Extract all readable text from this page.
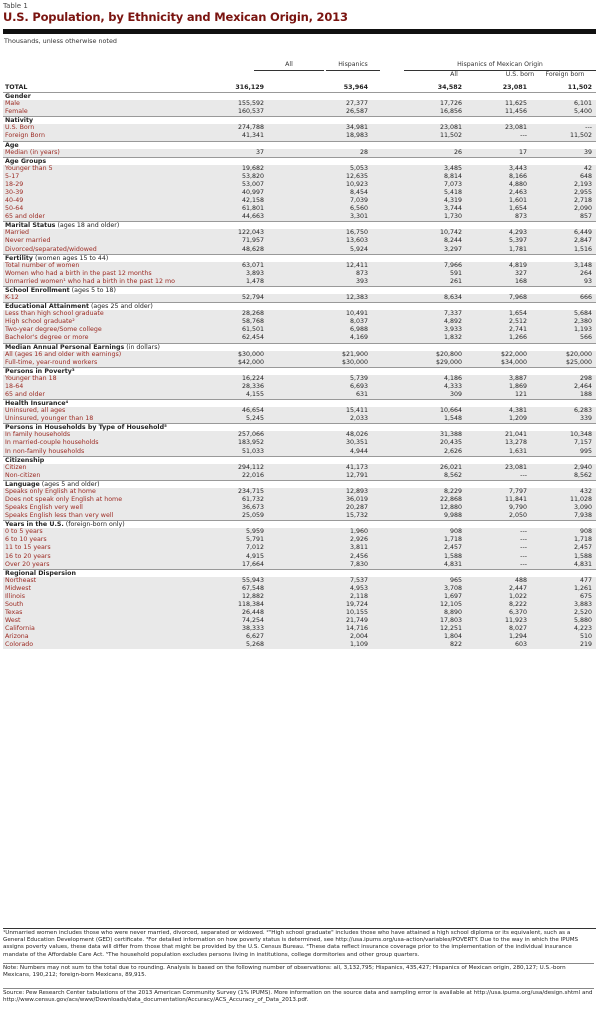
Table 1
U.S. Population, by Ethnicity and Mexican Origin, 2013
Thousands, unless otherwise noted
All	Hispanics	Hispanics of Mexican Origin
All	U.S. born	Foreign born
TOTAL	316,129	53,964	34,582	23,081	11,502
Gender
Male	155,592	27,377	17,726	11,625	6,101
Female	160,537	26,587	16,856	11,456	5,400
Nativity
U.S. Born	274,788	34,981	23,081	23,081	---
Foreign Born	41,341	18,983	11,502	---	11,502
Age
Median (in years)	37	28	26	17	39
Age Groups
Younger than 5	19,682	5,053	3,485	3,443	42
5-17	53,820	12,635	8,814	8,166	648
18-29	53,007	10,923	7,073	4,880	2,193
30-39	40,997	8,454	5,418	2,463	2,955
40-49	42,158	7,039	4,319	1,601	2,718
50-64	61,801	6,560	3,744	1,654	2,090
65 and older	44,663	3,301	1,730	873	857
Marital Status (ages 18 and older)
Married	122,043	16,750	10,742	4,293	6,449
Never married	71,957	13,603	8,244	5,397	2,847
Divorced/separated/widowed	48,628	5,924	3,297	1,781	1,516
Fertility (women ages 15 to 44)
Total number of women	63,071	12,411	7,966	4,819	3,148
Women who had a birth in the past 12 months	3,893	873	591	327	264
Unmarried women¹ who had a birth in the past 12 mo	1,478	393	261	168	93
School Enrollment (ages 5 to 18)
K-12	52,794	12,383	8,634	7,968	666
Educational Attainment (ages 25 and older)
Less than high school graduate	28,268	10,491	7,337	1,654	5,684
High school graduate²	58,768	8,037	4,892	2,512	2,380
Two-year degree/Some college	61,501	6,988	3,933	2,741	1,193
Bachelor's degree or more	62,454	4,169	1,832	1,266	566
Median Annual Personal Earnings (in dollars)
All (ages 16 and older with earnings)	$30,000	$21,900	$20,800	$22,000	$20,000
Full-time, year-round workers	$42,000	$30,000	$29,000	$34,000	$25,000
Persons in Poverty³
Younger than 18	16,224	5,739	4,186	3,887	298
18-64	28,336	6,693	4,333	1,869	2,464
65 and older	4,155	631	309	121	188
Health Insurance⁴
Uninsured, all ages	46,654	15,411	10,664	4,381	6,283
Uninsured, younger than 18	5,245	2,033	1,548	1,209	339
Persons in Households by Type of Household⁵
In family households	257,066	48,026	31,388	21,041	10,348
In married-couple households	183,952	30,351	20,435	13,278	7,157
In non-family households	51,033	4,944	2,626	1,631	995
Citizenship
Citizen	294,112	41,173	26,021	23,081	2,940
Non-citizen	22,016	12,791	8,562	---	8,562
Language (ages 5 and older)
Speaks only English at home	234,715	12,893	8,229	7,797	432
Does not speak only English at home	61,732	36,019	22,868	11,841	11,028
Speaks English very well	36,673	20,287	12,880	9,790	3,090
Speaks English less than very well	25,059	15,732	9,988	2,050	7,938
Years in the U.S. (foreign-born only)
0 to 5 years	5,959	1,960	908	---	908
6 to 10 years	5,791	2,926	1,718	---	1,718
11 to 15 years	7,012	3,811	2,457	---	2,457
16 to 20 years	4,915	2,456	1,588	---	1,588
Over 20 years	17,664	7,830	4,831	---	4,831
Regional Dispersion
Northeast	55,943	7,537	965	488	477
Midwest	67,548	4,953	3,708	2,447	1,261
Illinois	12,882	2,118	1,697	1,022	675
South	118,384	19,724	12,105	8,222	3,883
Texas	26,448	10,155	8,890	6,370	2,520
West	74,254	21,749	17,803	11,923	5,880
California	38,333	14,716	12,251	8,027	4,223
Arizona	6,627	2,004	1,804	1,294	510
Colorado	5,268	1,109	822	603	219
¹Unmarried women includes those who were never married, divorced, separated or widowed. ²"High school graduate" includes those who have attained a high school diploma or its equivalent, such as a General Education Development (GED) certificate. ³For detailed information on how poverty status is determined, see http://usa.ipums.org/usa-action/variables/POVERTY. Due to the way in which the IPUMS assigns poverty values, these data will differ from those that might be provided by the U.S. Census Bureau. ⁴These data reflect insurance coverage prior to the implementation of the individual insurance mandate of the Affordable Care Act. ⁵The household population excludes persons living in institutions, college dormitories and other group quarters.
Note: Numbers may not sum to the total due to rounding. Analysis is based on the following number of observations: all, 3,132,795; Hispanics, 435,427; Hispanics of Mexican origin, 280,127; U.S.-born Mexicans, 190,212; foreign-born Mexicans, 89,915.
Source: Pew Research Center tabulations of the 2013 American Community Survey (1% IPUMS). More information on the source data and sampling error is available at http://usa.ipums.org/usa/design.shtml and http://www.census.gov/acs/www/Downloads/data_documentation/Accuracy/ACS_Accuracy_of_Data_2013.pdf.
